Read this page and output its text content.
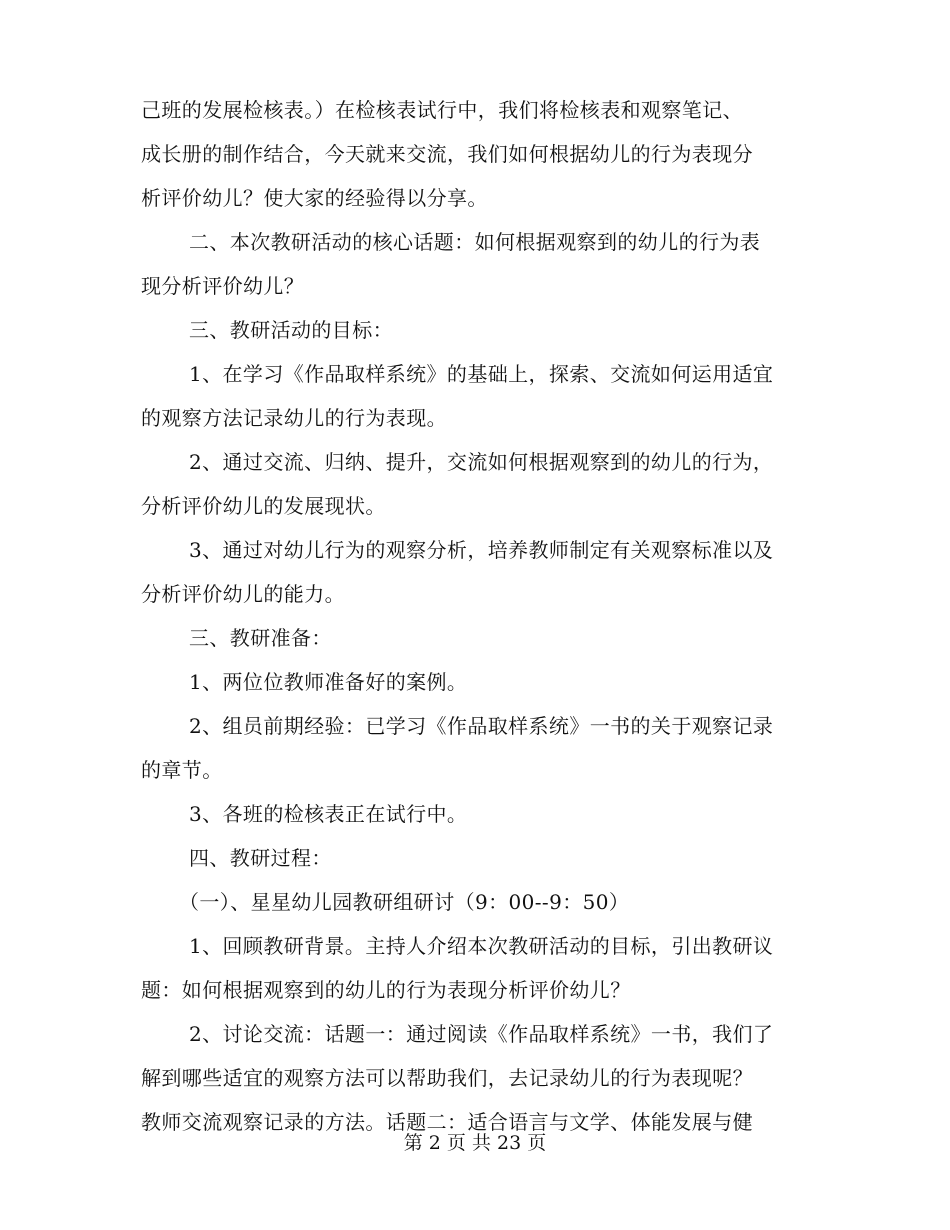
己班的发展检核表。）在检核表试行中，我们将检核表和观察笔记、
成长册的制作结合，今天就来交流，我们如何根据幼儿的行为表现分
析评价幼儿？使大家的经验得以分享。
二、本次教研活动的核心话题：如何根据观察到的幼儿的行为表
现分析评价幼儿？
三、教研活动的目标：
1、在学习《作品取样系统》的基础上，探索、交流如何运用适宜
的观察方法记录幼儿的行为表现。
2、通过交流、归纳、提升，交流如何根据观察到的幼儿的行为，
分析评价幼儿的发展现状。
3、通过对幼儿行为的观察分析，培养教师制定有关观察标准以及
分析评价幼儿的能力。
三、教研准备：
1、两位位教师准备好的案例。
2、组员前期经验：已学习《作品取样系统》一书的关于观察记录
的章节。
3、各班的检核表正在试行中。
四、教研过程：
（一）、星星幼儿园教研组研讨（9：00--9：50）
1、回顾教研背景。主持人介绍本次教研活动的目标，引出教研议
题：如何根据观察到的幼儿的行为表现分析评价幼儿？
2、讨论交流：话题一：通过阅读《作品取样系统》一书，我们了
解到哪些适宜的观察方法可以帮助我们，去记录幼儿的行为表现呢？
教师交流观察记录的方法。话题二：适合语言与文学、体能发展与健
第 2 页 共 23 页
